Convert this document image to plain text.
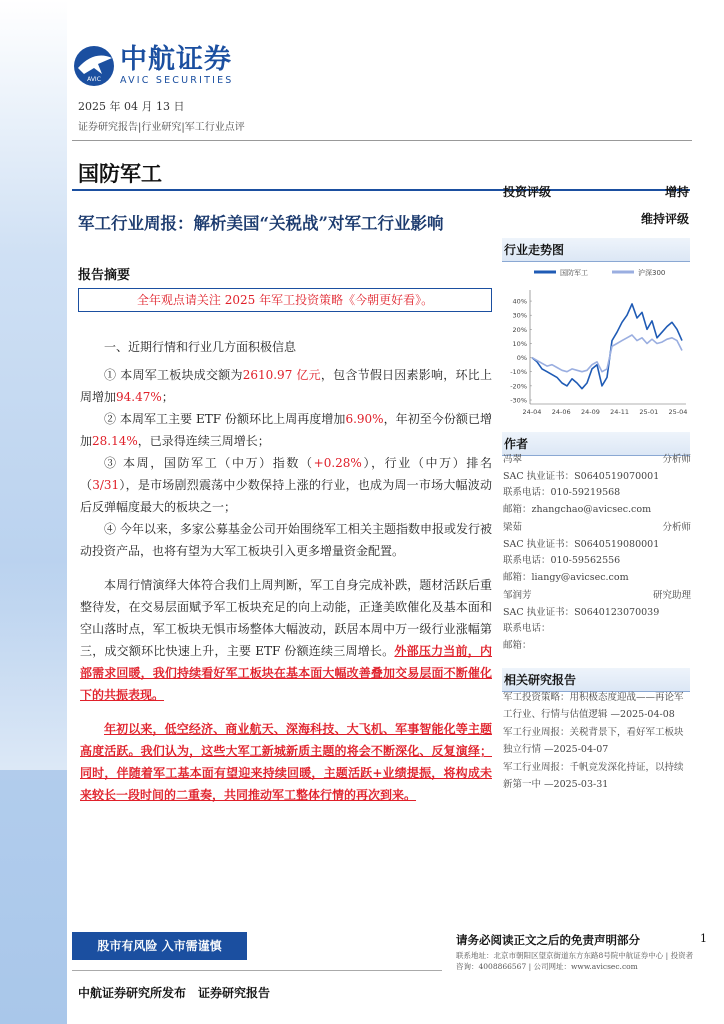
AVIC
中航证券
AVIC SECURITIES
2025 年 04 月 13 日
证券研究报告|行业研究|军工行业点评
国防军工
军工行业周报：解析美国“关税战”对军工行业影响
投资评级	增持
维持评级
报告摘要
全年观点请关注 2025 年军工投资策略《今朝更好看》。

一、近期行情和行业几方面积极信息

① 本周军工板块成交额为2610.97 亿元，包含节假日因素影响，环比上周增加94.47%；

② 本周军工主要 ETF 份额环比上周再度增加6.90%，年初至今份额已增加28.14%，已录得连续三周增长；

③ 本周，国防军工（中万）指数（+0.28%），行业（中万）排名（3/31），是市场剧烈震荡中少数保持上涨的行业，也成为周一市场大幅波动后反弹幅度最大的板块之一；

④ 今年以来，多家公募基金公司开始围绕军工相关主题指数申报或发行被动投资产品，也将有望为大军工板块引入更多增量资金配置。

本周行情演绎大体符合我们上周判断，军工自身完成补跌，题材活跃后重整待发，在交易层面赋予军工板块充足的向上动能，正逢美欧催化及基本面和空山落时点，军工板块无惧市场整体大幅波动，跃居本周中万一级行业涨幅第三，成交额环比快速上升，主要 ETF 份额连续三周增长。外部压力当前，内部需求回暖，我们持续看好军工板块在基本面大幅改善叠加交易层面不断催化下的共振表现。

年初以来，低空经济、商业航天、深海科技、大飞机、军事智能化等主题高度活跃。我们认为，这些大军工新城新质主题的将会不断深化、反复演绎；同时，伴随着军工基本面有望迎来持续回暖，主题活跃+业绩提振，将构成未来较长一段时间的二重奏，共同推动军工整体行情的再次到来。

行业走势图
国防军工	沪深300
40%
30%
20%
10%
0%
-10%
-20%
-30%
24-04 24-06 24-09 24-11 25-01 25-04
作者
冯翠	分析师
SAC 执业证书：S0640519070001
联系电话：010-59219568
邮箱：zhangchao@avicsec.com
梁茹	分析师
SAC 执业证书：S0640519080001
联系电话：010-59562556
邮箱：liangy@avicsec.com
邹润芳	研究助理
SAC 执业证书：S0640123070039
联系电话：
邮箱：
相关研究报告
军工投资策略：用积极态度迎战——再论军工行业、行情与估值逻辑 —2025-04-08
军工行业周报：关税背景下，看好军工板块独立行情 —2025-04-07
军工行业周报：千帆竞发深化持证，以持续新第一中 —2025-03-31
股市有风险 入市需谨慎	请务必阅读正文之后的免责声明部分
联系地址：北京市朝阳区望京街道东方东路8号院中航证券中心 | 投资者咨询：4008866567 | 公司网址：www.avicsec.com
1
中航证券研究所发布　证券研究报告
